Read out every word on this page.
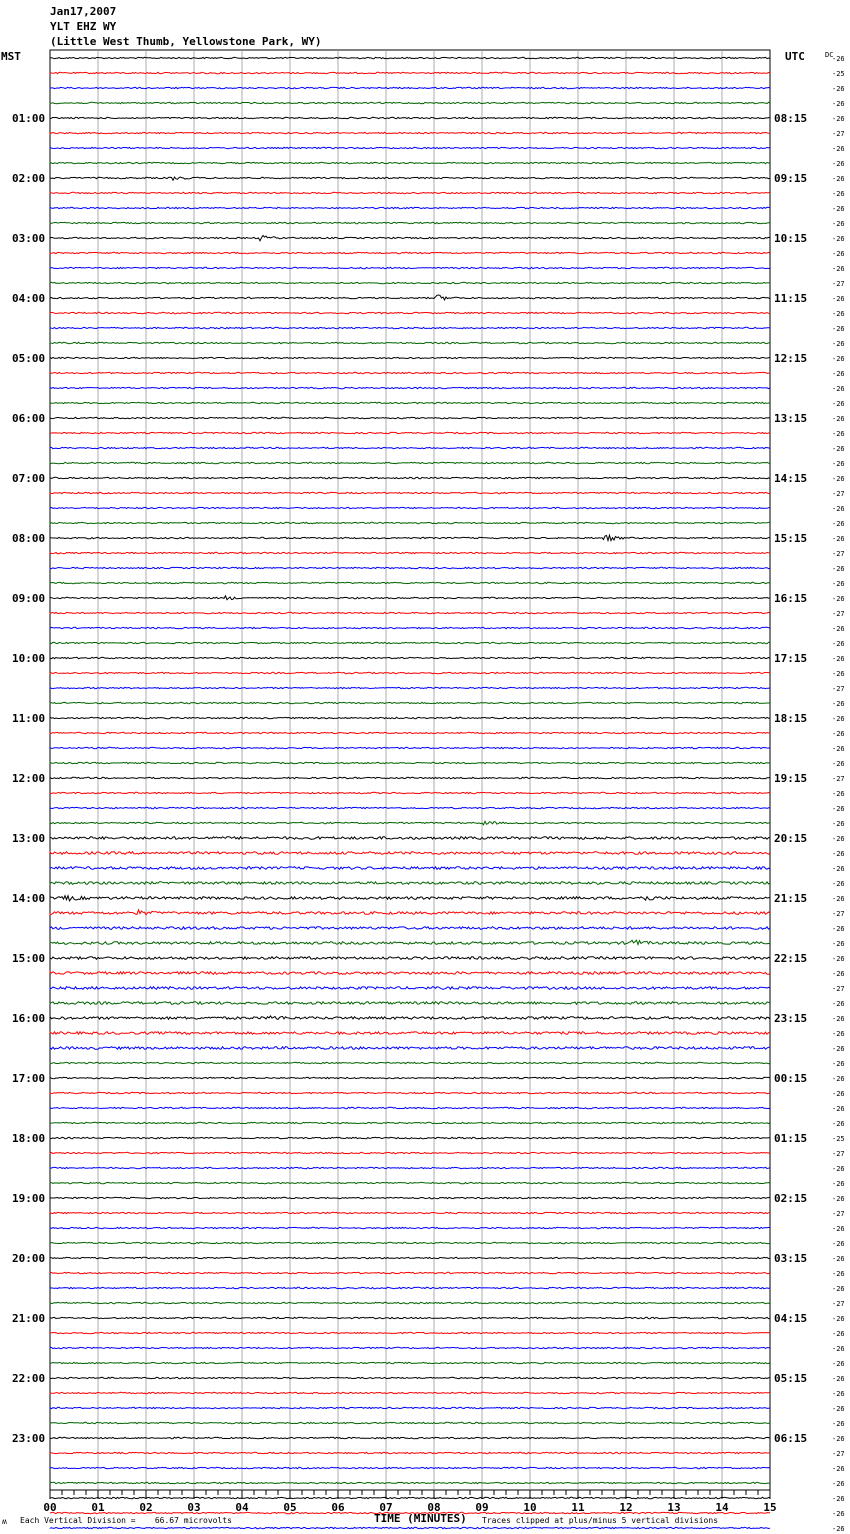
Jan17,2007
YLT EHZ WY
(Little West Thumb, Yellowstone Park, WY)
MST	UTC	DC
01:00
02:00
03:00
04:00
05:00
06:00
07:00
08:00
09:00
10:00
11:00
12:00
13:00
14:00
15:00
16:00
17:00
18:00
19:00
20:00
21:00
22:00
23:00
08:15
09:15
10:15
11:15
12:15
13:15
14:15
15:15
16:15
17:15
18:15
19:15
20:15
21:15
22:15
23:15
00:15
01:15
02:15
03:15
04:15
05:15
06:15
-26
-25
-26
-26
-26
-27
-26
-26
-26
-26
-26
-26
-26
-26
-26
-27
-26
-26
-26
-26
-26
-26
-26
-26
-26
-26
-26
-26
-26
-27
-26
-26
-26
-27
-26
-26
-26
-27
-26
-26
-26
-26
-27
-26
-26
-26
-26
-26
-27
-26
-26
-26
-26
-26
-26
-26
-26
-27
-26
-26
-26
-26
-27
-26
-26
-26
-26
-26
-26
-26
-26
-26
-25
-27
-26
-26
-26
-27
-26
-26
-26
-26
-26
-27
-26
-26
-26
-26
-26
-26
-26
-26
-26
-27
-26
-26
-26
-26
-26
00	01	02	03	04	05	06	07	08	09	10	11	12	13	14	15
ʍ Each Vertical Division =    66.67 microvolts	TIME (MINUTES) Traces clipped at plus/minus 5 vertical divisions
